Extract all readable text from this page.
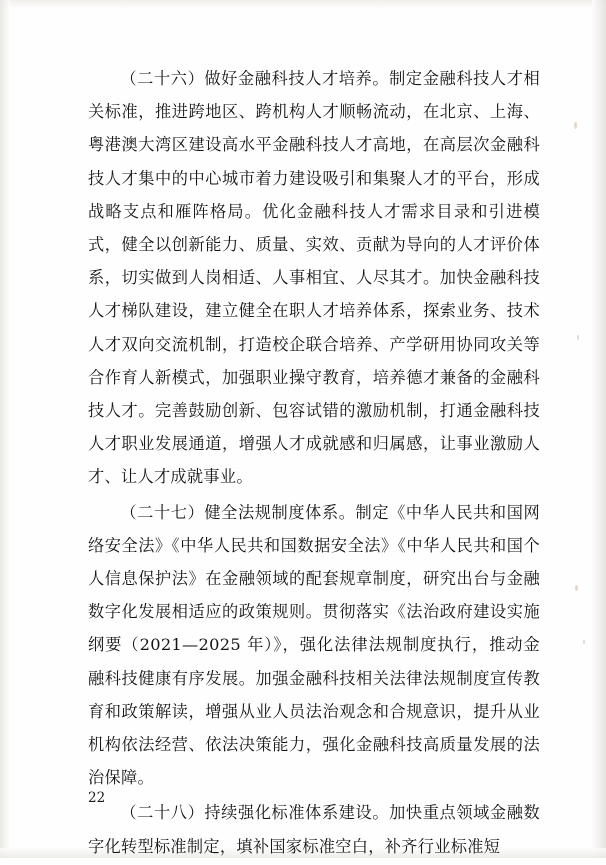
（二十六）做好金融科技人才培养。制定金融科技人才相关标准，推进跨地区、跨机构人才顺畅流动，在北京、上海、粤港澳大湾区建设高水平金融科技人才高地，在高层次金融科技人才集中的中心城市着力建设吸引和集聚人才的平台，形成战略支点和雁阵格局。优化金融科技人才需求目录和引进模式，健全以创新能力、质量、实效、贡献为导向的人才评价体系，切实做到人岗相适、人事相宜、人尽其才。加快金融科技人才梯队建设，建立健全在职人才培养体系，探索业务、技术人才双向交流机制，打造校企联合培养、产学研用协同攻关等合作育人新模式，加强职业操守教育，培养德才兼备的金融科技人才。完善鼓励创新、包容试错的激励机制，打通金融科技人才职业发展通道，增强人才成就感和归属感，让事业激励人才、让人才成就事业。

（二十七）健全法规制度体系。制定《中华人民共和国网络安全法》《中华人民共和国数据安全法》《中华人民共和国个人信息保护法》在金融领域的配套规章制度，研究出台与金融数字化发展相适应的政策规则。贯彻落实《法治政府建设实施纲要（2021—2025 年）》，强化法律法规制度执行，推动金融科技健康有序发展。加强金融科技相关法律法规制度宣传教育和政策解读，增强从业人员法治观念和合规意识，提升从业机构依法经营、依法决策能力，强化金融科技高质量发展的法治保障。

（二十八）持续强化标准体系建设。加快重点领域金融数字化转型标准制定，填补国家标准空白，补齐行业标准短

22
